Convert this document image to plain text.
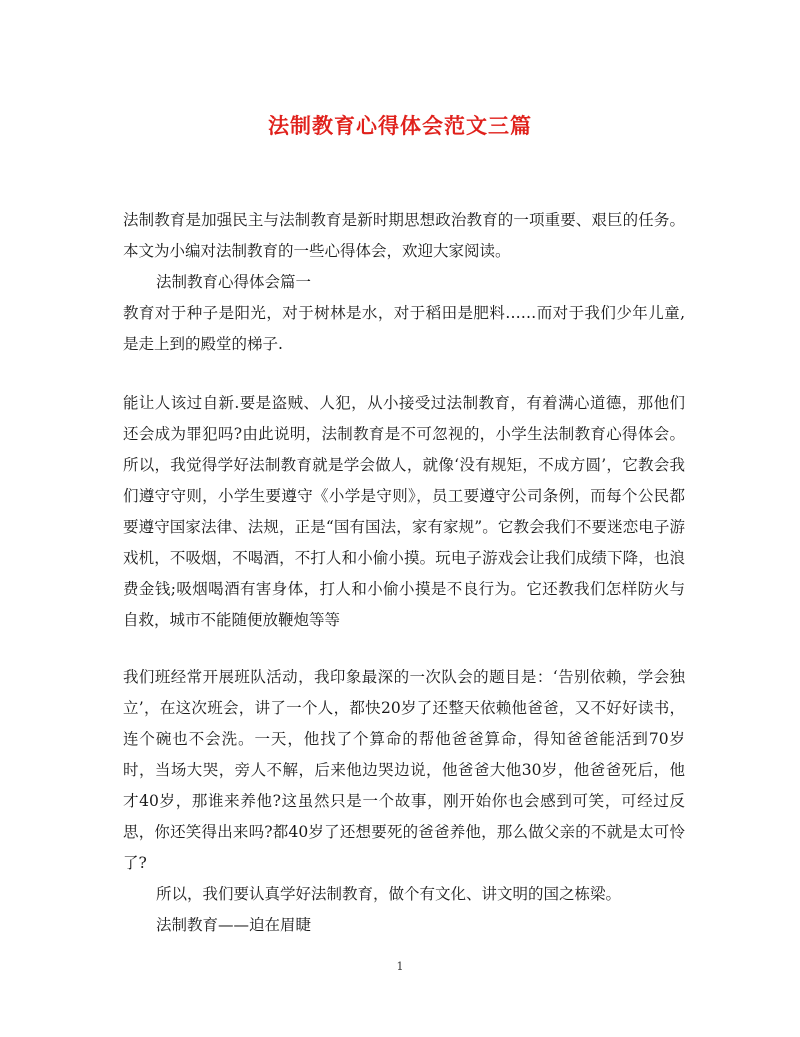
法制教育心得体会范文三篇

法制教育是加强民主与法制教育是新时期思想政治教育的一项重要、艰巨的任务。本文为小编对法制教育的一些心得体会，欢迎大家阅读。

法制教育心得体会篇一

教育对于种子是阳光，对于树林是水，对于稻田是肥料……而对于我们少年儿童,是走上到的殿堂的梯子.

能让人该过自新.要是盗贼、人犯，从小接受过法制教育，有着满心道德，那他们还会成为罪犯吗?由此说明，法制教育是不可忽视的，小学生法制教育心得体会。所以，我觉得学好法制教育就是学会做人，就像‘没有规矩，不成方圆’，它教会我们遵守守则，小学生要遵守《小学是守则》，员工要遵守公司条例，而每个公民都要遵守国家法律、法规，正是“国有国法，家有家规”。它教会我们不要迷恋电子游戏机，不吸烟，不喝酒，不打人和小偷小摸。玩电子游戏会让我们成绩下降，也浪费金钱;吸烟喝酒有害身体，打人和小偷小摸是不良行为。它还教我们怎样防火与自救，城市不能随便放鞭炮等等

我们班经常开展班队活动，我印象最深的一次队会的题目是：‘告别依赖，学会独立’，在这次班会，讲了一个人，都快20岁了还整天依赖他爸爸，又不好好读书，连个碗也不会洗。一天，他找了个算命的帮他爸爸算命，得知爸爸能活到70岁时，当场大哭，旁人不解，后来他边哭边说，他爸爸大他30岁，他爸爸死后，他才40岁，那谁来养他?这虽然只是一个故事，刚开始你也会感到可笑，可经过反思，你还笑得出来吗?都40岁了还想要死的爸爸养他，那么做父亲的不就是太可怜了?

所以，我们要认真学好法制教育，做个有文化、讲文明的国之栋梁。

法制教育——迫在眉睫

1
